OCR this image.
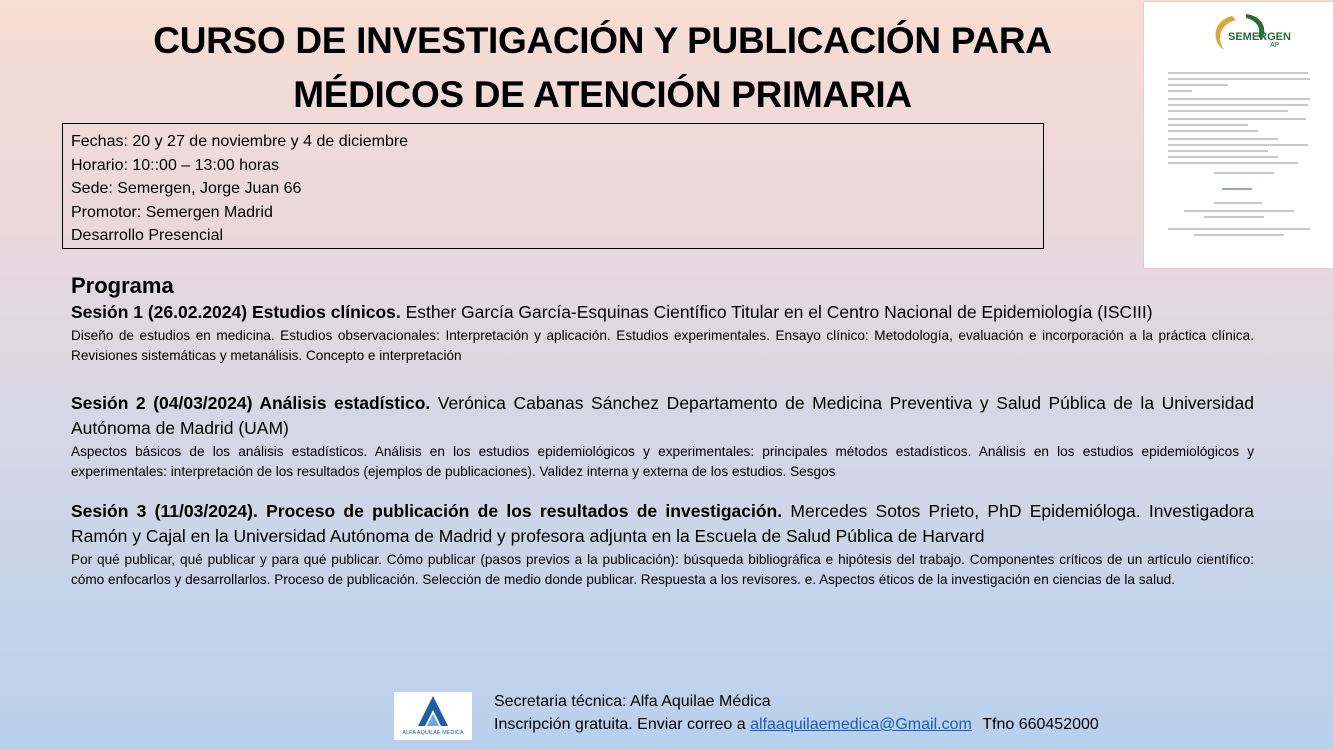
CURSO DE INVESTIGACIÓN Y PUBLICACIÓN PARA
MÉDICOS DE ATENCIÓN PRIMARIA
Fechas: 20 y 27 de noviembre y 4 de diciembre
Horario: 10::00 – 13:00 horas
Sede: Semergen, Jorge Juan 66
Promotor: Semergen Madrid
Desarrollo Presencial
SEMERGEN
AP
Programa
Sesión 1 (26.02.2024) Estudios clínicos. Esther García García-Esquinas Científico Titular en el Centro Nacional de Epidemiología (ISCIII)
Diseño de estudios en medicina. Estudios observacionales: Interpretación y aplicación. Estudios experimentales. Ensayo clínico: Metodología, evaluación e incorporación a la práctica clínica. Revisiones sistemáticas y metanálisis. Concepto e interpretación
Sesión 2 (04/03/2024) Análisis estadístico. Verónica Cabanas Sánchez Departamento de Medicina Preventiva y Salud Pública de la Universidad Autónoma de Madrid (UAM)
Aspectos básicos de los análisis estadísticos. Análisis en los estudios epidemiológicos y experimentales: principales métodos estadísticos. Análisis en los estudios epidemiológicos y experimentales: interpretación de los resultados (ejemplos de publicaciones). Validez interna y externa de los estudios. Sesgos
Sesión 3 (11/03/2024). Proceso de publicación de los resultados de investigación. Mercedes Sotos Prieto, PhD Epidemióloga. Investigadora Ramón y Cajal en la Universidad Autónoma de Madrid y profesora adjunta en la Escuela de Salud Pública de Harvard
Por qué publicar, qué publicar y para qué publicar. Cómo publicar (pasos previos a la publicación): búsqueda bibliográfica e hipótesis del trabajo. Componentes críticos de un artículo científico: cómo enfocarlos y desarrollarlos. Proceso de publicación. Selección de medio donde publicar. Respuesta a los revisores. e. Aspectos éticos de la investigación en ciencias de la salud.
ALFA AQUILAE MÉDICA
Secretaria técnica: Alfa Aquilae Médica
Inscripción gratuita. Enviar correo a alfaaquilaemedica@Gmail.com Tfno 660452000
